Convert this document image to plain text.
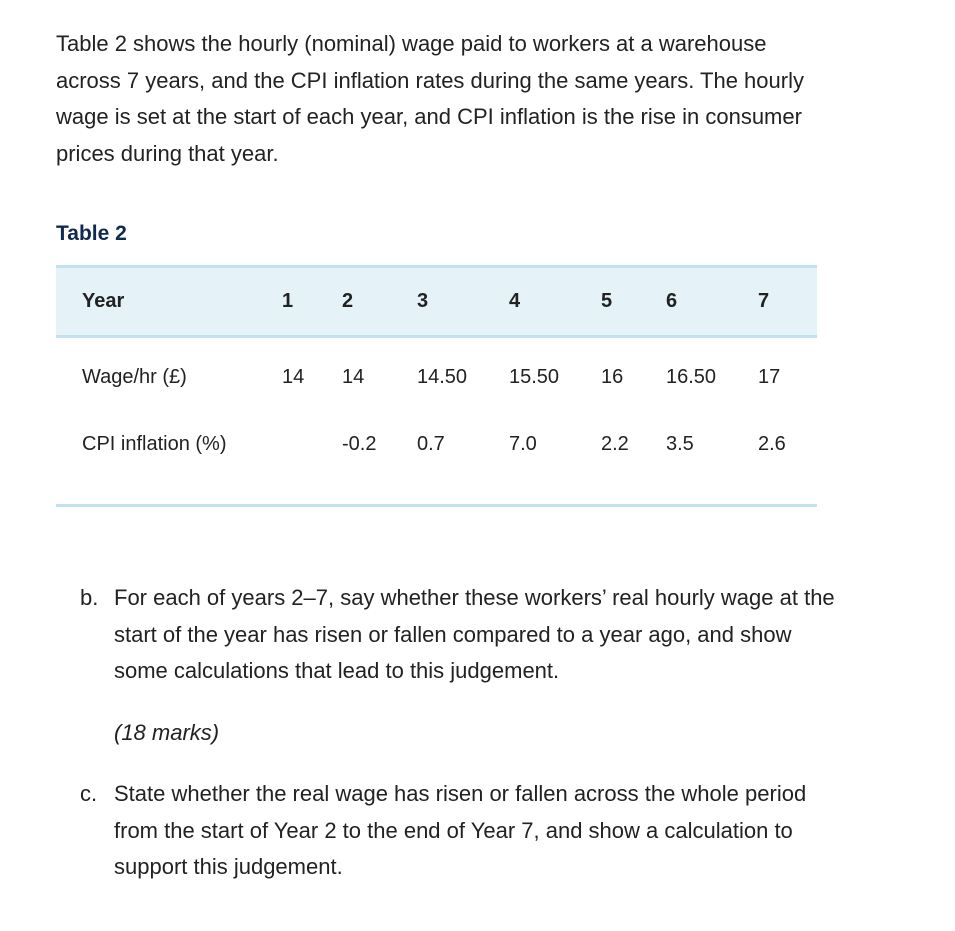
Table 2 shows the hourly (nominal) wage paid to workers at a warehouse across 7 years, and the CPI inflation rates during the same years. The hourly wage is set at the start of each year, and CPI inflation is the rise in consumer prices during that year.

Table 2
Year	1	2	3	4	5	6	7
Wage/hr (£)	14	14	14.50	15.50	16	16.50	17
CPI inflation (%)		-0.2	0.7	7.0	2.2	3.5	2.6

b. For each of years 2–7, say whether these workers’ real hourly wage at the start of the year has risen or fallen compared to a year ago, and show some calculations that lead to this judgement.
(18 marks)
c. State whether the real wage has risen or fallen across the whole period from the start of Year 2 to the end of Year 7, and show a calculation to support this judgement.
